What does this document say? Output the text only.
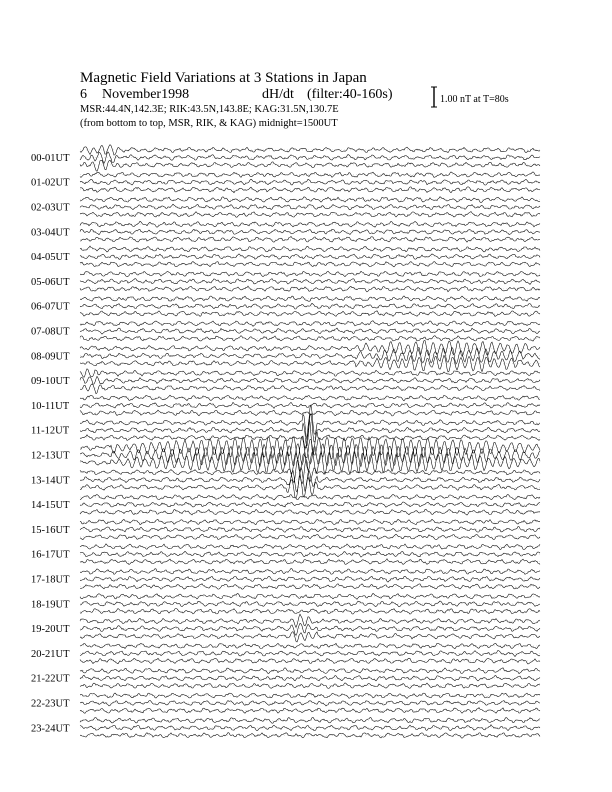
Magnetic Field Variations at 3 Stations in Japan
6 November1998	dH/dt (filter:40-160s)
MSR:44.4N,142.3E; RIK:43.5N,143.8E; KAG:31.5N,130.7E
(from bottom to top, MSR, RIK, & KAG) midnight=1500UT
1.00 nT at T=80s
00-01UT
01-02UT
02-03UT
03-04UT
04-05UT
05-06UT
06-07UT
07-08UT
08-09UT
09-10UT
10-11UT
11-12UT
12-13UT
13-14UT
14-15UT
15-16UT
16-17UT
17-18UT
18-19UT
19-20UT
20-21UT
21-22UT
22-23UT
23-24UT
